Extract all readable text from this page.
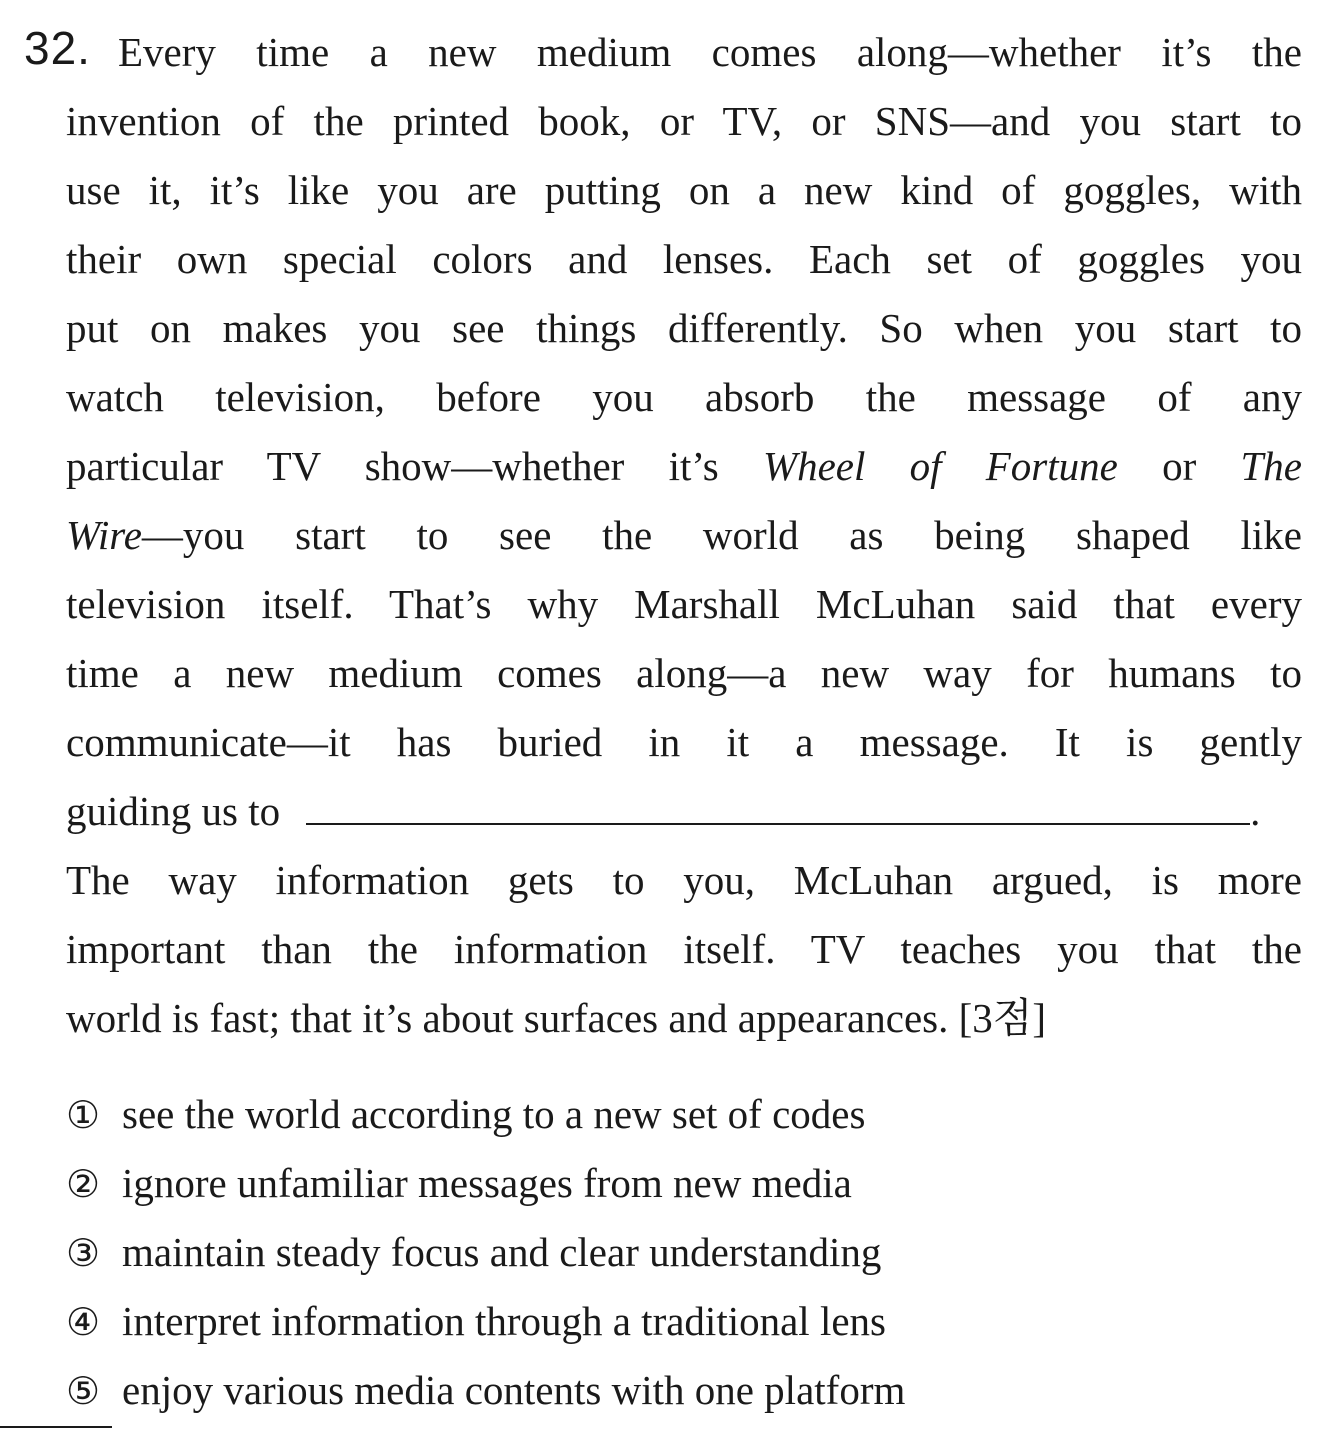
32. Every time a new medium comes along—whether it’s the
invention of the printed book, or TV, or SNS—and you start to
use it, it’s like you are putting on a new kind of goggles, with
their own special colors and lenses. Each set of goggles you
put on makes you see things differently. So when you start to
watch television, before you absorb the message of any
particular TV show—whether it’s Wheel of Fortune or The
Wire—you start to see the world as being shaped like
television itself. That’s why Marshall McLuhan said that every
time a new medium comes along—a new way for humans to
communicate—it has buried in it a message. It is gently
guiding us to	.
The way information gets to you, McLuhan argued, is more
important than the information itself. TV teaches you that the
world is fast; that it’s about surfaces and appearances. [3점]
① see the world according to a new set of codes
② ignore unfamiliar messages from new media
③ maintain steady focus and clear understanding
④ interpret information through a traditional lens
⑤ enjoy various media contents with one platform
